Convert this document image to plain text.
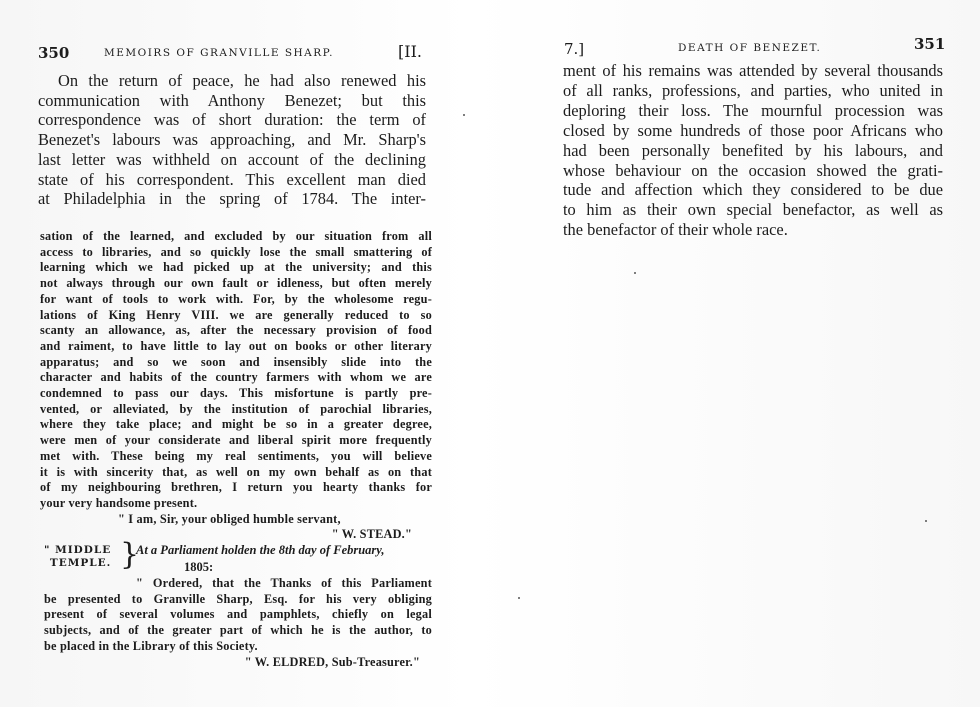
350	MEMOIRS OF GRANVILLE SHARP.	[II.
On the return of peace, he had also renewed his
communication with Anthony Benezet; but this
correspondence was of short duration: the term of
Benezet's labours was approaching, and Mr. Sharp's
last letter was withheld on account of the declining
state of his correspondent. This excellent man died
at Philadelphia in the spring of 1784. The inter-
sation of the learned, and excluded by our situation from all
access to libraries, and so quickly lose the small smattering of
learning which we had picked up at the university; and this
not always through our own fault or idleness, but often merely
for want of tools to work with. For, by the wholesome regu-
lations of King Henry VIII. we are generally reduced to so
scanty an allowance, as, after the necessary provision of food
and raiment, to have little to lay out on books or other literary
apparatus; and so we soon and insensibly slide into the
character and habits of the country farmers with whom we are
condemned to pass our days. This misfortune is partly pre-
vented, or alleviated, by the institution of parochial libraries,
where they take place; and might be so in a greater degree,
were men of your considerate and liberal spirit more frequently
met with. These being my real sentiments, you will believe
it is with sincerity that, as well on my own behalf as on that
of my neighbouring brethren, I return you hearty thanks for
your very handsome present.
" I am, Sir, your obliged humble servant,
" W. STEAD."
" MIDDLE
TEMPLE. }
At a Parliament holden the 8th day of February,
1805:
" Ordered, that the Thanks of this Parliament
be presented to Granville Sharp, Esq. for his very obliging
present of several volumes and pamphlets, chiefly on legal
subjects, and of the greater part of which he is the author, to
be placed in the Library of this Society.
" W. ELDRED, Sub-Treasurer."
7.]	DEATH OF BENEZET.	351
ment of his remains was attended by several thousands
of all ranks, professions, and parties, who united in
deploring their loss. The mournful procession was
closed by some hundreds of those poor Africans who
had been personally benefited by his labours, and
whose behaviour on the occasion showed the grati-
tude and affection which they considered to be due
to him as their own special benefactor, as well as
the benefactor of their whole race.
